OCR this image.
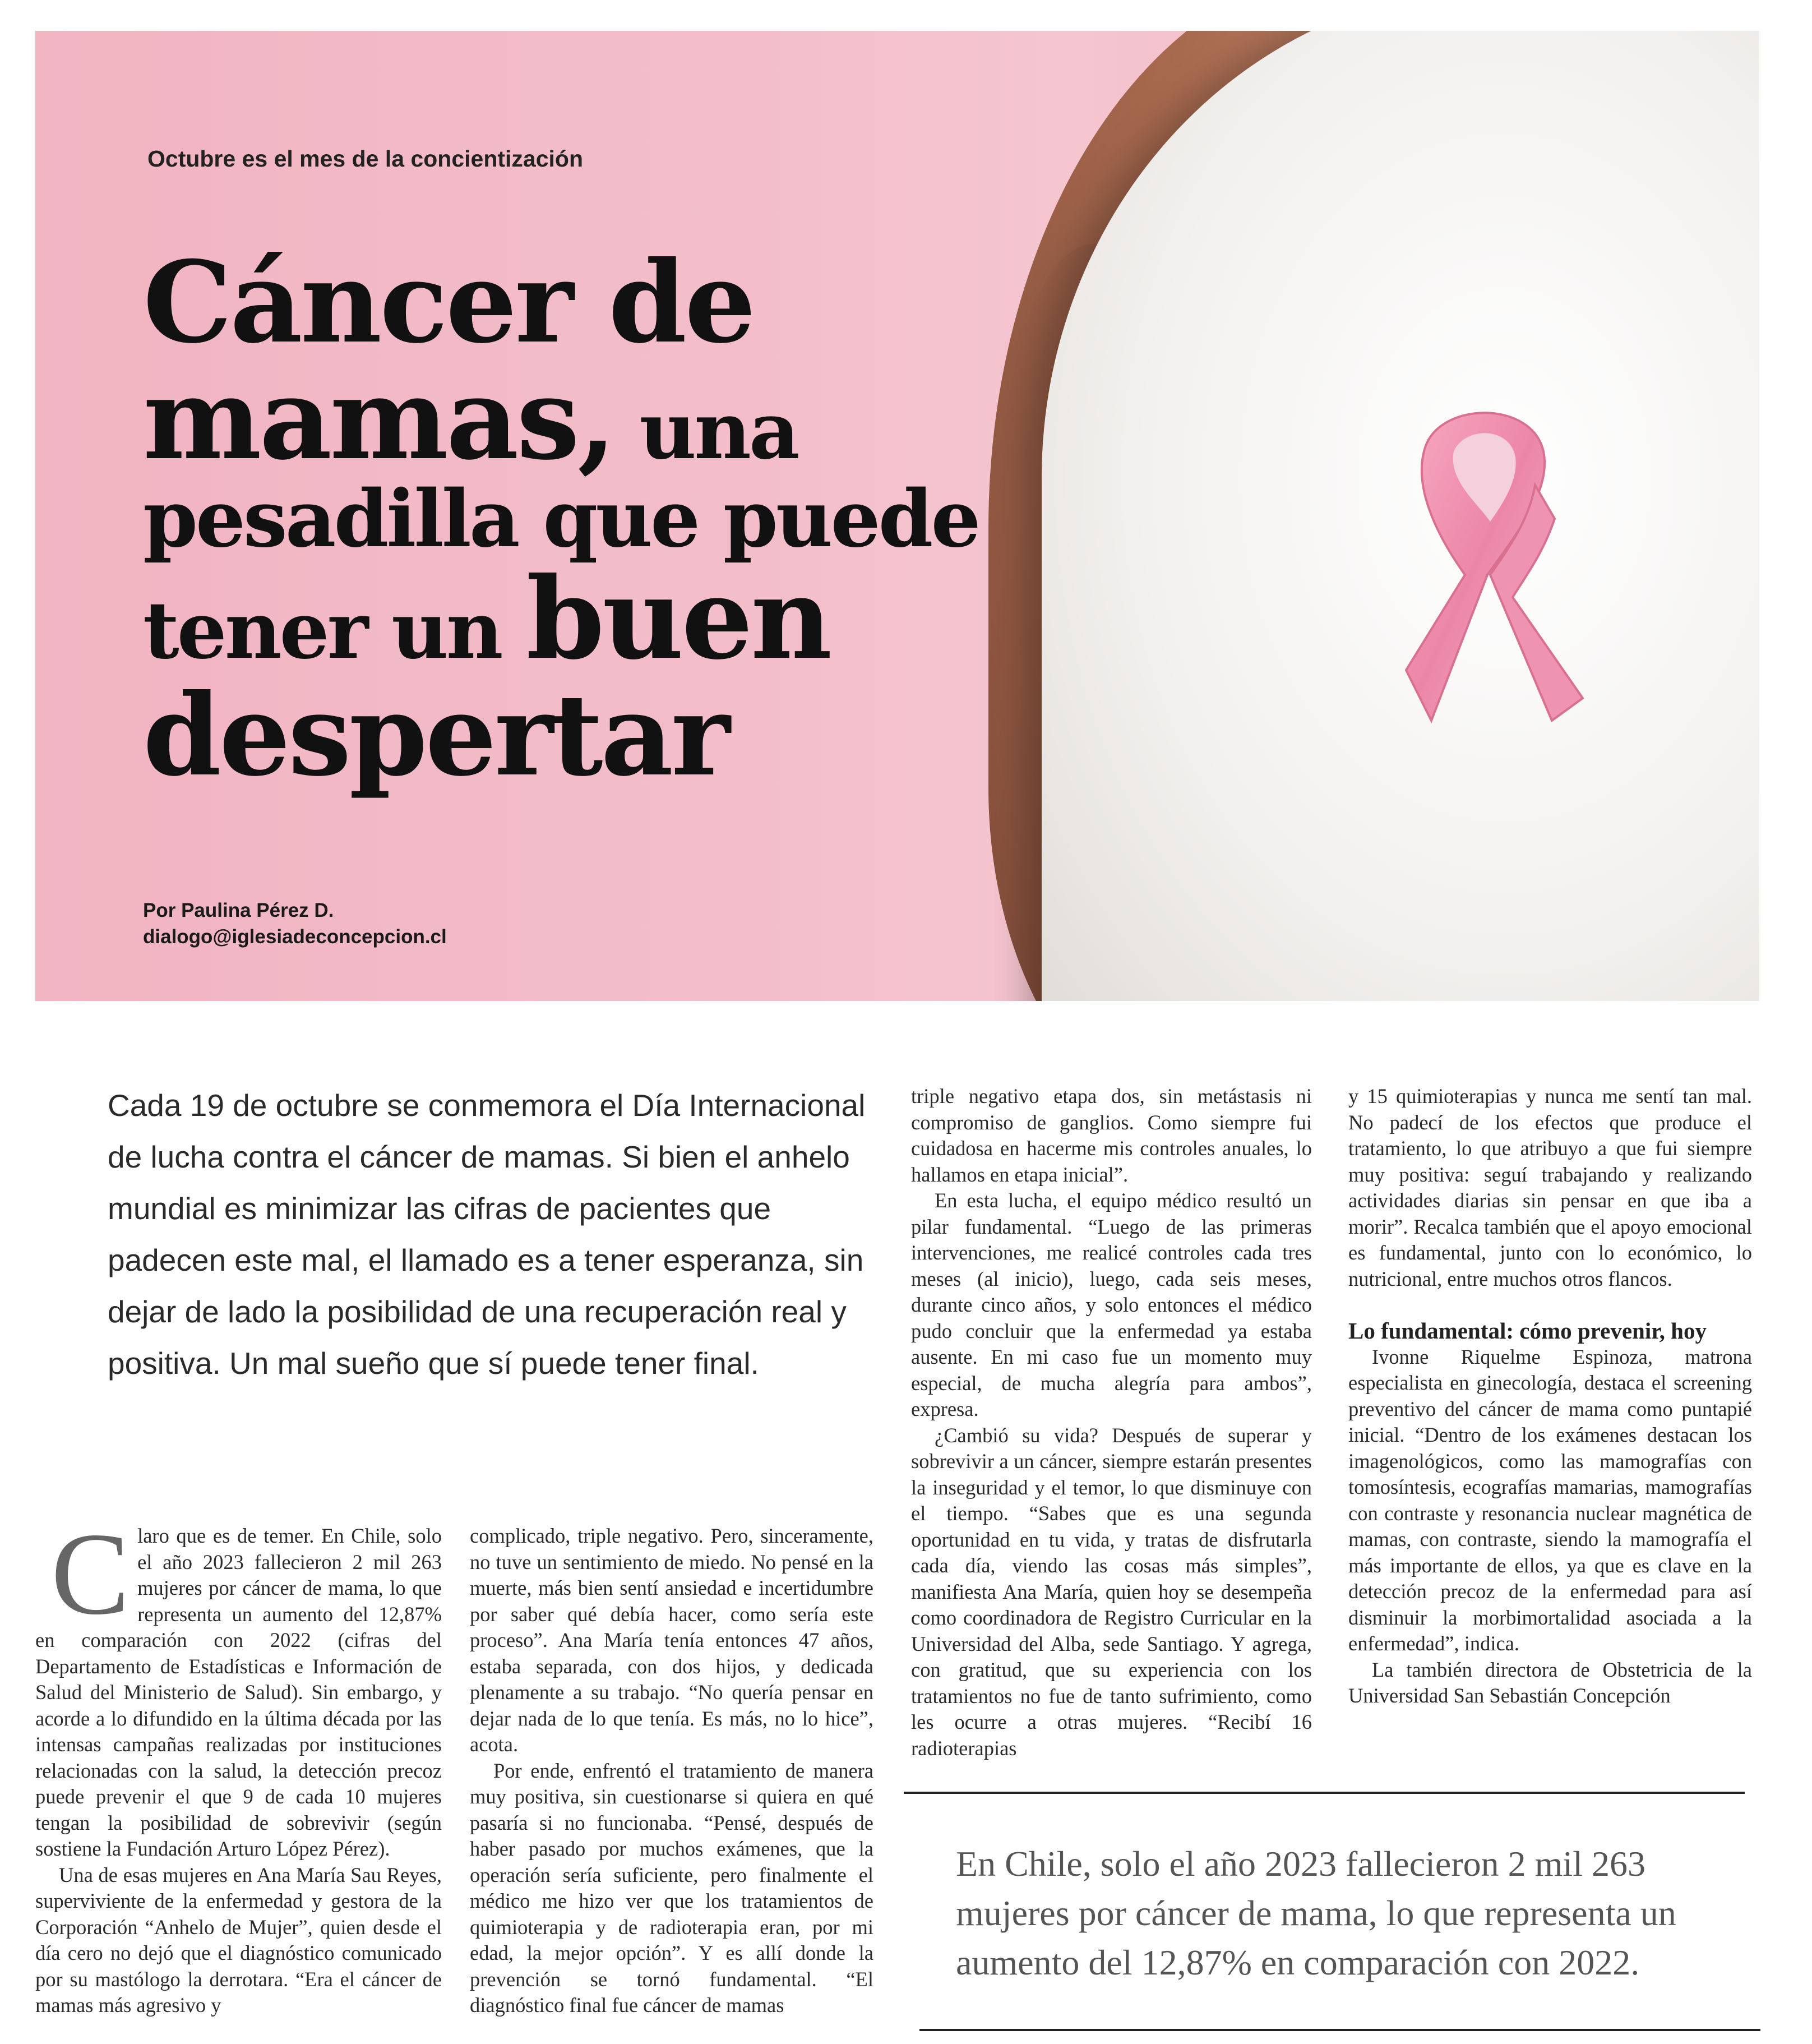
Octubre es el mes de la concientización
Cáncer de
mamas, una
pesadilla que puede
tener un buen
despertar
Por Paulina Pérez D.
dialogo@iglesiadeconcepcion.cl

Cada 19 de octubre se conmemora el Día Internacional de lucha contra el cáncer de mamas. Si bien el anhelo mundial es minimizar las cifras de pacientes que padecen este mal, el llamado es a tener esperanza, sin dejar de lado la posibilidad de una recuperación real y positiva. Un mal sueño que sí puede tener final.

Claro que es de temer. En Chile, solo el año 2023 fallecieron 2 mil 263 mujeres por cáncer de mama, lo que representa un aumento del 12,87% en comparación con 2022 (cifras del Departamento de Estadísticas e Información de Salud del Ministerio de Salud). Sin embargo, y acorde a lo difundido en la última década por las intensas campañas realizadas por instituciones relacionadas con la salud, la detección precoz puede prevenir el que 9 de cada 10 mujeres tengan la posibilidad de sobrevivir (según sostiene la Fundación Arturo López Pérez).

Una de esas mujeres en Ana María Sau Reyes, superviviente de la enfermedad y gestora de la Corporación “Anhelo de Mujer”, quien desde el día cero no dejó que el diagnóstico comunicado por su mastólogo la derrotara. “Era el cáncer de mamas más agresivo y

complicado, triple negativo. Pero, sinceramente, no tuve un sentimiento de miedo. No pensé en la muerte, más bien sentí ansiedad e incertidumbre por saber qué debía hacer, como sería este proceso”. Ana María tenía entonces 47 años, estaba separada, con dos hijos, y dedicada plenamente a su trabajo. “No quería pensar en dejar nada de lo que tenía. Es más, no lo hice”, acota.

Por ende, enfrentó el tratamiento de manera muy positiva, sin cuestionarse si quiera en qué pasaría si no funcionaba. “Pensé, después de haber pasado por muchos exámenes, que la operación sería suficiente, pero finalmente el médico me hizo ver que los tratamientos de quimioterapia y de radioterapia eran, por mi edad, la mejor opción”. Y es allí donde la prevención se tornó fundamental. “El diagnóstico final fue cáncer de mamas

triple negativo etapa dos, sin metástasis ni compromiso de ganglios. Como siempre fui cuidadosa en hacerme mis controles anuales, lo hallamos en etapa inicial”.

En esta lucha, el equipo médico resultó un pilar fundamental. “Luego de las primeras intervenciones, me realicé controles cada tres meses (al inicio), luego, cada seis meses, durante cinco años, y solo entonces el médico pudo concluir que la enfermedad ya estaba ausente. En mi caso fue un momento muy especial, de mucha alegría para ambos”, expresa.

¿Cambió su vida? Después de superar y sobrevivir a un cáncer, siempre estarán presentes la inseguridad y el temor, lo que disminuye con el tiempo. “Sabes que es una segunda oportunidad en tu vida, y tratas de disfrutarla cada día, viendo las cosas más simples”, manifiesta Ana María, quien hoy se desempeña como coordinadora de Registro Curricular en la Universidad del Alba, sede Santiago. Y agrega, con gratitud, que su experiencia con los tratamientos no fue de tanto sufrimiento, como les ocurre a otras mujeres. “Recibí 16 radioterapias

y 15 quimioterapias y nunca me sentí tan mal. No padecí de los efectos que produce el tratamiento, lo que atribuyo a que fui siempre muy positiva: seguí trabajando y realizando actividades diarias sin pensar en que iba a morir”. Recalca también que el apoyo emocional es fundamental, junto con lo económico, lo nutricional, entre muchos otros flancos.

Lo fundamental: cómo prevenir, hoy

Ivonne Riquelme Espinoza, matrona especialista en ginecología, destaca el screening preventivo del cáncer de mama como puntapié inicial. “Dentro de los exámenes destacan los imagenológicos, como las mamografías con tomosíntesis, ecografías mamarias, mamografías con contraste y resonancia nuclear magnética de mamas, con contraste, siendo la mamografía el más importante de ellos, ya que es clave en la detección precoz de la enfermedad para así disminuir la morbimortalidad asociada a la enfermedad”, indica.

La también directora de Obstetricia de la Universidad San Sebastián Concepción

En Chile, solo el año 2023 fallecieron 2 mil 263 mujeres por cáncer de mama, lo que representa un aumento del 12,87% en comparación con 2022.
